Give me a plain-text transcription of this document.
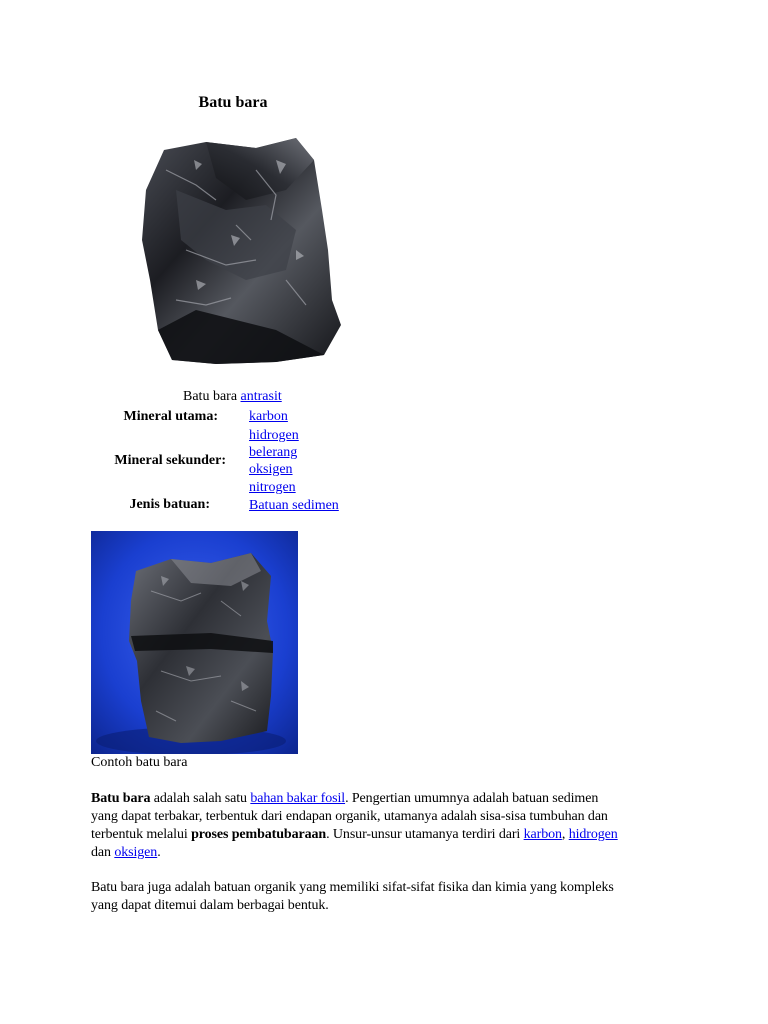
Batu bara
Batu bara antrasit
Mineral utama: karbon
Mineral sekunder:
hidrogen
belerang
oksigen
nitrogen
Jenis batuan:	Batuan sedimen
Contoh batu bara
Batu bara adalah salah satu bahan bakar fosil. Pengertian umumnya adalah batuan sedimen
yang dapat terbakar, terbentuk dari endapan organik, utamanya adalah sisa-sisa tumbuhan dan
terbentuk melalui proses pembatubaraan. Unsur-unsur utamanya terdiri dari karbon, hidrogen
dan oksigen.
Batu bara juga adalah batuan organik yang memiliki sifat-sifat fisika dan kimia yang kompleks
yang dapat ditemui dalam berbagai bentuk.
